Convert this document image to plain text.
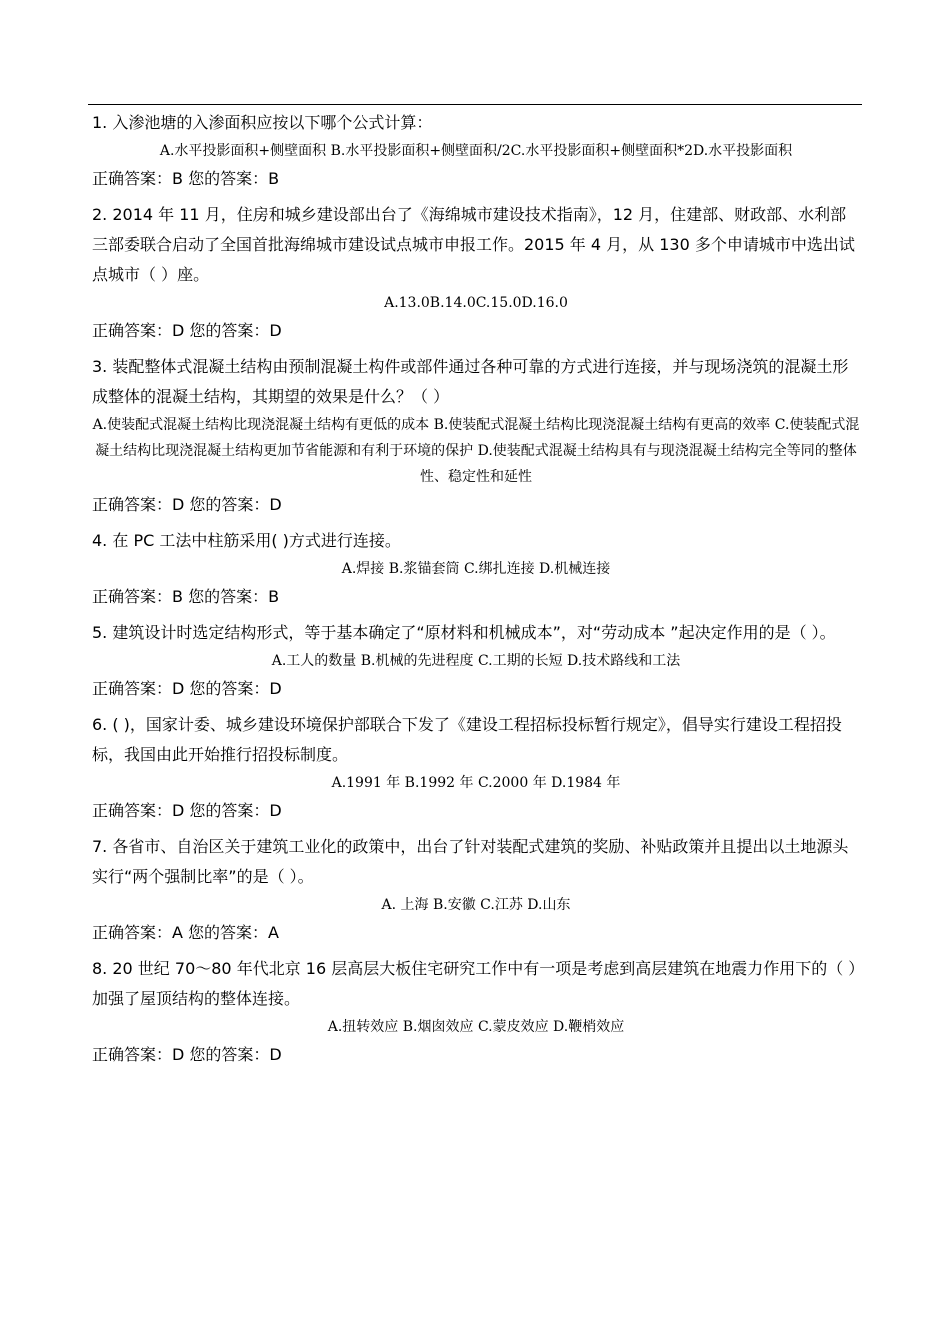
1. 入渗池塘的入渗面积应按以下哪个公式计算：

A.水平投影面积+侧壁面积 B.水平投影面积+侧壁面积/2C.水平投影面积+侧壁面积*2D.水平投影面积

正确答案：B 您的答案：B

2. 2014 年 11 月，住房和城乡建设部出台了《海绵城市建设技术指南》，12 月，住建部、财政部、水利部三部委联合启动了全国首批海绵城市建设试点城市申报工作。2015 年 4 月，从 130 多个申请城市中选出试点城市（ ）座。

A.13.0B.14.0C.15.0D.16.0

正确答案：D 您的答案：D

3. 装配整体式混凝土结构由预制混凝土构件或部件通过各种可靠的方式进行连接，并与现场浇筑的混凝土形成整体的混凝土结构，其期望的效果是什么？（ ）

A.使装配式混凝土结构比现浇混凝土结构有更低的成本 B.使装配式混凝土结构比现浇混凝土结构有更高的效率 C.使装配式混凝土结构比现浇混凝土结构更加节省能源和有利于环境的保护 D.使装配式混凝土结构具有与现浇混凝土结构完全等同的整体性、稳定性和延性

正确答案：D 您的答案：D

4. 在 PC 工法中柱筋采用( )方式进行连接。

A.焊接 B.浆锚套筒 C.绑扎连接 D.机械连接

正确答案：B 您的答案：B

5. 建筑设计时选定结构形式，等于基本确定了“原材料和机械成本”，对“劳动成本 ”起决定作用的是（ ）。

A.工人的数量 B.机械的先进程度 C.工期的长短 D.技术路线和工法

正确答案：D 您的答案：D

6. ( )，国家计委、城乡建设环境保护部联合下发了《建设工程招标投标暂行规定》，倡导实行建设工程招投标，我国由此开始推行招投标制度。

A.1991 年 B.1992 年 C.2000 年 D.1984 年

正确答案：D 您的答案：D

7. 各省市、自治区关于建筑工业化的政策中，出台了针对装配式建筑的奖励、补贴政策并且提出以土地源头实行“两个强制比率”的是（ ）。

A. 上海 B.安徽 C.江苏 D.山东

正确答案：A 您的答案：A

8. 20 世纪 70～80 年代北京 16 层高层大板住宅研究工作中有一项是考虑到高层建筑在地震力作用下的（ ）加强了屋顶结构的整体连接。

A.扭转效应 B.烟囱效应 C.蒙皮效应 D.鞭梢效应

正确答案：D 您的答案：D
